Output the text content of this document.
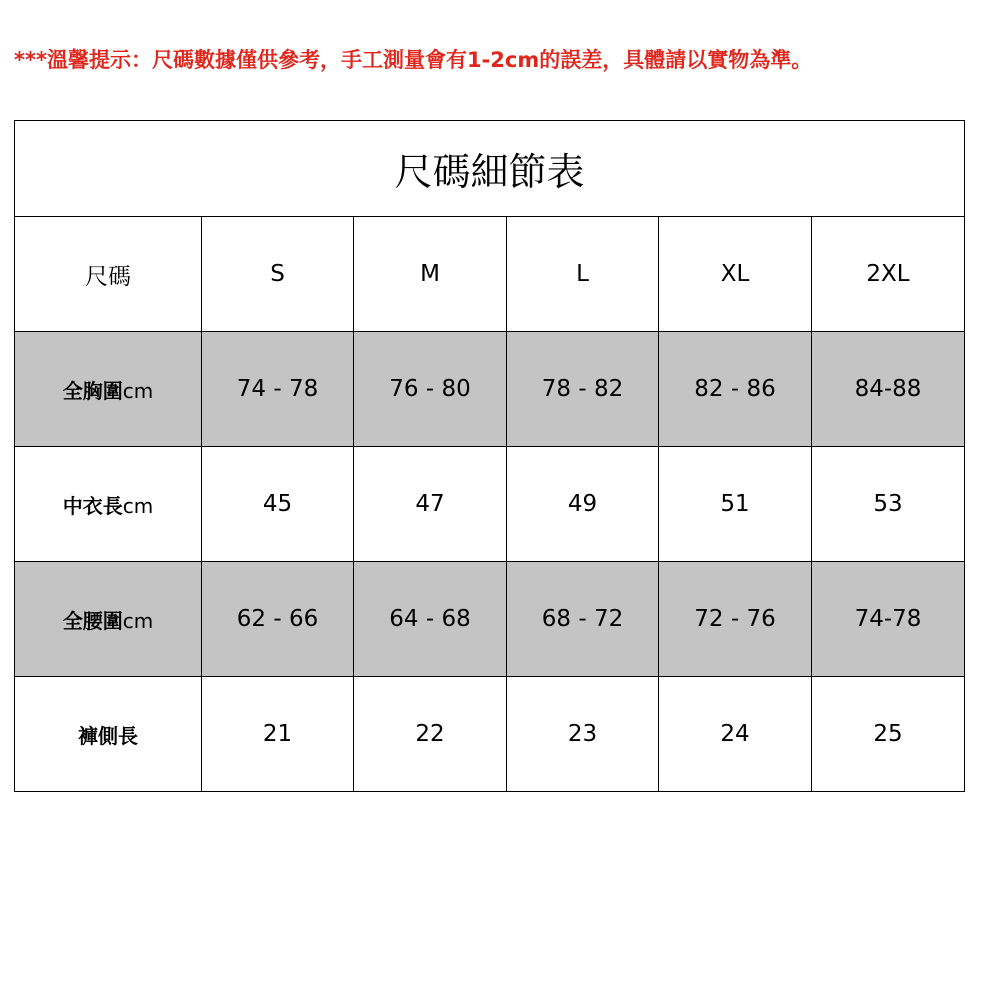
***溫馨提示：尺碼數據僅供參考，手工測量會有1-2cm的誤差，具體請以實物為準。
尺碼細節表					
尺碼	S	M	L	XL	2XL
全胸圍cm	74 - 78	76 - 80	78 - 82	82 - 86	84-88
中衣長cm	45	47	49	51	53
全腰圍cm	62 - 66	64 - 68	68 - 72	72 - 76	74-78
褲側長	21	22	23	24	25
